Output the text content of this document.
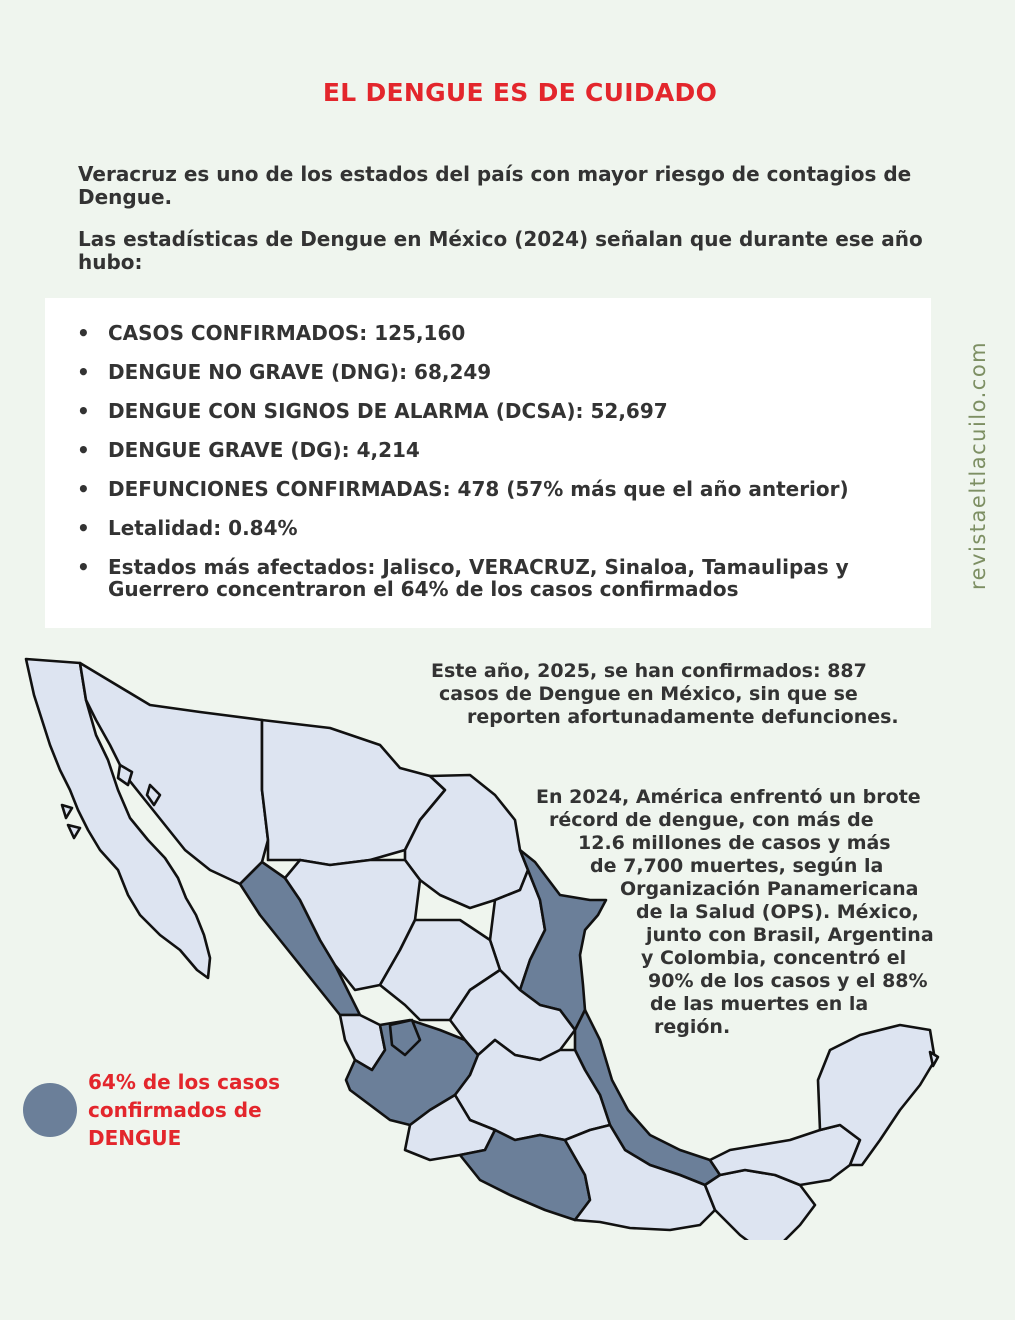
EL DENGUE ES DE CUIDADO
Veracruz es uno de los estados del país con mayor riesgo de contagios de Dengue.
Las estadísticas de Dengue en México (2024) señalan que durante ese año hubo:
• CASOS CONFIRMADOS: 125,160
• DENGUE NO GRAVE (DNG): 68,249
• DENGUE CON SIGNOS DE ALARMA (DCSA): 52,697
• DENGUE GRAVE (DG): 4,214
• DEFUNCIONES CONFIRMADAS: 478 (57% más que el año anterior)
• Letalidad: 0.84%
• Estados más afectados: Jalisco, VERACRUZ, Sinaloa, Tamaulipas y Guerrero concentraron el 64% de los casos confirmados	revistaeltlacuilo.com
Este año, 2025, se han confirmados: 887
casos de Dengue en México, sin que se
reporten afortunadamente defunciones.
En 2024, América enfrentó un brote
récord de dengue, con más de
12.6 millones de casos y más
de 7,700 muertes, según la
Organización Panamericana
de la Salud (OPS). México,
junto con Brasil, Argentina
y Colombia, concentró el
90% de los casos y el 88%
de las muertes en la
región.
64% de los casos confirmados de DENGUE
